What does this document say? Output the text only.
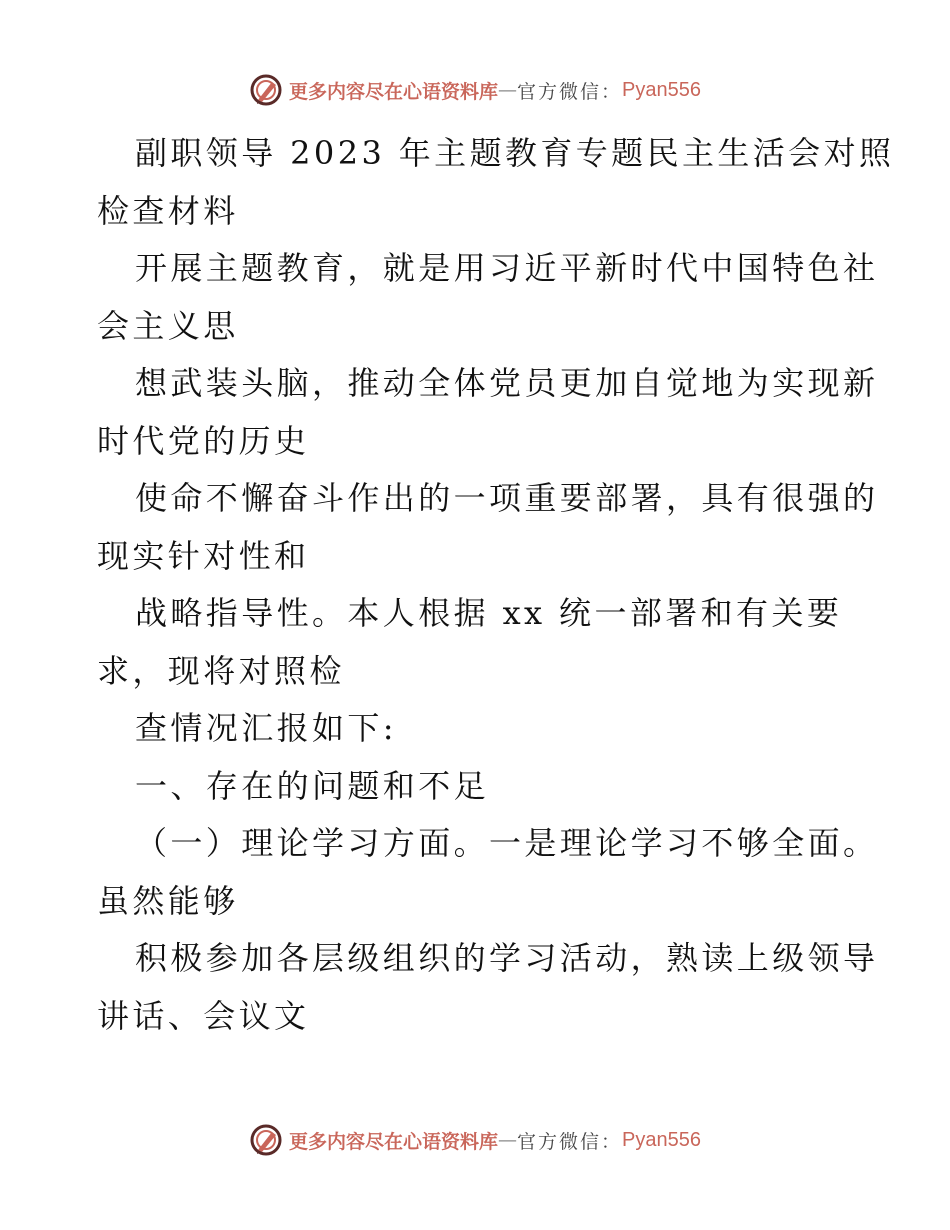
更多内容尽在心语资料库 — 官方微信： Pyan556

副职领导 2023 年主题教育专题民主生活会对照

检查材料

开展主题教育，就是用习近平新时代中国特色社

会主义思

想武装头脑，推动全体党员更加自觉地为实现新

时代党的历史

使命不懈奋斗作出的一项重要部署，具有很强的

现实针对性和

战略指导性。本人根据 xx 统一部署和有关要

求，现将对照检

查情况汇报如下:

一、存在的问题和不足

（一）理论学习方面。一是理论学习不够全面。

虽然能够

积极参加各层级组织的学习活动，熟读上级领导

讲话、会议文

更多内容尽在心语资料库 — 官方微信： Pyan556
